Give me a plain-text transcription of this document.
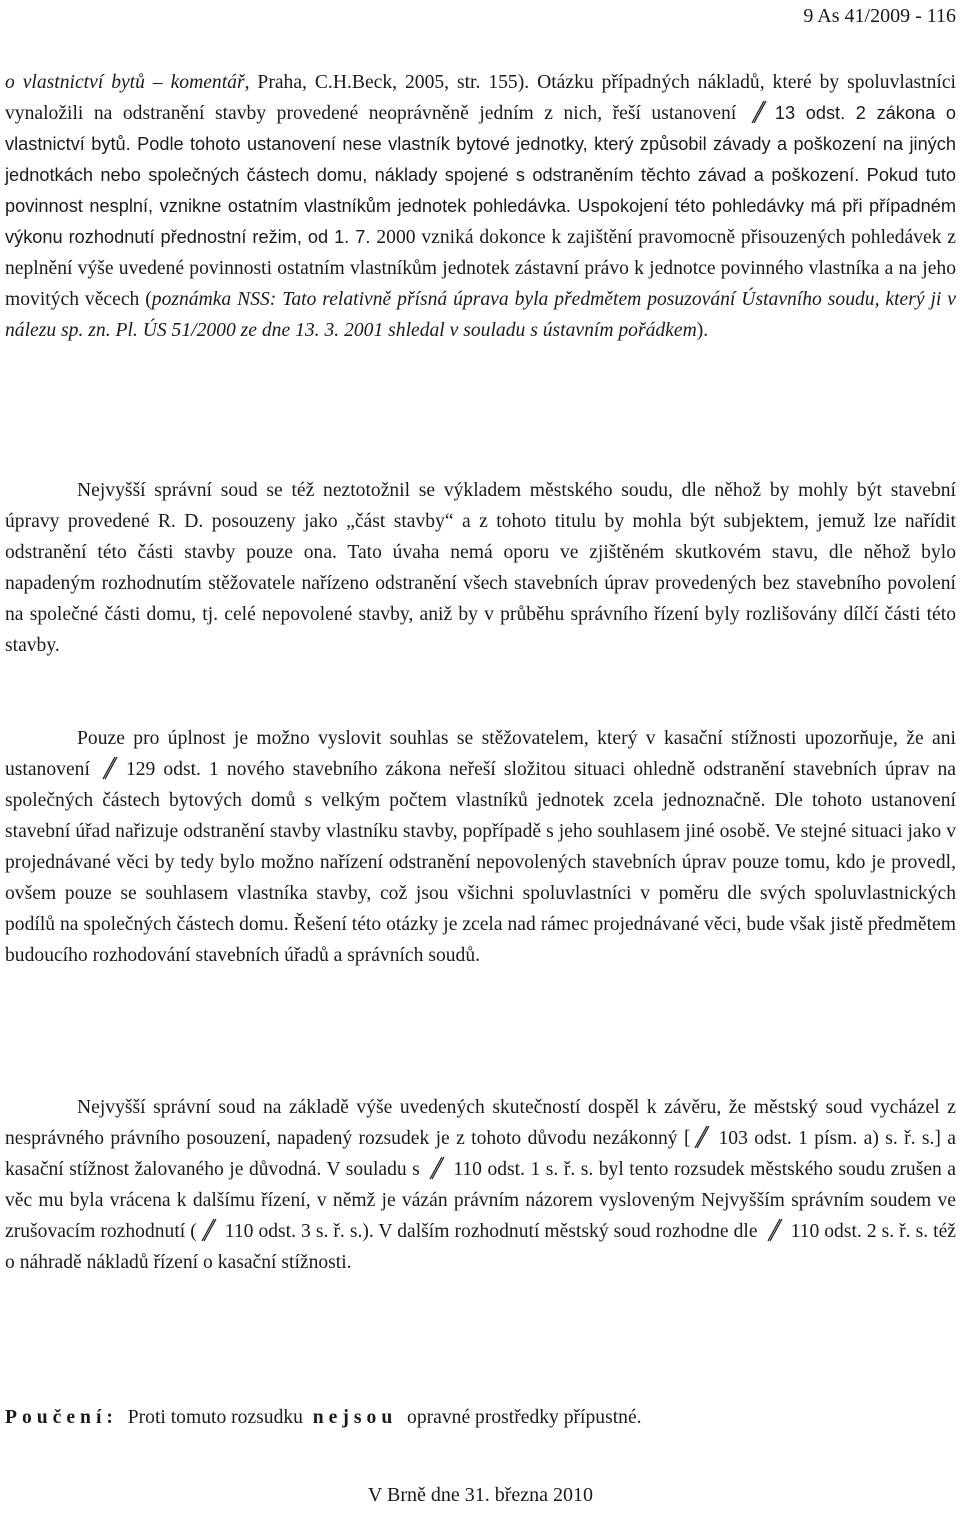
9 As 41/2009 - 116

o vlastnictví bytů – komentář, Praha, C.H.Beck, 2005, str. 155). Otázku případných nákladů, které by spoluvlastníci vynaložili na odstranění stavby provedené neoprávněně jedním z nich, řeší ustanovení 13 odst. 2 zákona o vlastnictví bytů. Podle tohoto ustanovení nese vlastník bytové jednotky, který způsobil závady a poškození na jiných jednotkách nebo společných částech domu, náklady spojené s odstraněním těchto závad a poškození. Pokud tuto povinnost nesplní, vznikne ostatním vlastníkům jednotek pohledávka. Uspokojení této pohledávky má při případném výkonu rozhodnutí přednostní režim, od 1. 7. 2000 vzniká dokonce k zajištění pravomocně přisouzených pohledávek z neplnění výše uvedené povinnosti ostatním vlastníkům jednotek zástavní právo k jednotce povinného vlastníka a na jeho movitých věcech (poznámka NSS: Tato relativně přísná úprava byla předmětem posuzování Ústavního soudu, který ji v nálezu sp. zn. Pl. ÚS 51/2000 ze dne 13. 3. 2001 shledal v souladu s ústavním pořádkem).

Nejvyšší správní soud se též neztotožnil se výkladem městského soudu, dle něhož by mohly být stavební úpravy provedené R. D. posouzeny jako „část stavby“ a z tohoto titulu by mohla být subjektem, jemuž lze nařídit odstranění této části stavby pouze ona. Tato úvaha nemá oporu ve zjištěném skutkovém stavu, dle něhož bylo napadeným rozhodnutím stěžovatele nařízeno odstranění všech stavebních úprav provedených bez stavebního povolení na společné části domu, tj. celé nepovolené stavby, aniž by v průběhu správního řízení byly rozlišovány dílčí části této stavby.

Pouze pro úplnost je možno vyslovit souhlas se stěžovatelem, který v kasační stížnosti upozorňuje, že ani ustanovení 129 odst. 1 nového stavebního zákona neřeší složitou situaci ohledně odstranění stavebních úprav na společných částech bytových domů s velkým počtem vlastníků jednotek zcela jednoznačně. Dle tohoto ustanovení stavební úřad nařizuje odstranění stavby vlastníku stavby, popřípadě s jeho souhlasem jiné osobě. Ve stejné situaci jako v projednávané věci by tedy bylo možno nařízení odstranění nepovolených stavebních úprav pouze tomu, kdo je provedl, ovšem pouze se souhlasem vlastníka stavby, což jsou všichni spoluvlastníci v poměru dle svých spoluvlastnických podílů na společných částech domu. Řešení této otázky je zcela nad rámec projednávané věci, bude však jistě předmětem budoucího rozhodování stavebních úřadů a správních soudů.

Nejvyšší správní soud na základě výše uvedených skutečností dospěl k závěru, že městský soud vycházel z nesprávného právního posouzení, napadený rozsudek je z tohoto důvodu nezákonný [ 103 odst. 1 písm. a) s. ř. s.] a kasační stížnost žalovaného je důvodná. V souladu s 110 odst. 1 s. ř. s. byl tento rozsudek městského soudu zrušen a věc mu byla vrácena k dalšímu řízení, v němž je vázán právním názorem vysloveným Nejvyšším správním soudem ve zrušovacím rozhodnutí ( 110 odst. 3 s. ř. s.). V dalším rozhodnutí městský soud rozhodne dle 110 odst. 2 s. ř. s. též o náhradě nákladů řízení o kasační stížnosti.

Poučení: Proti tomuto rozsudku nejsou opravné prostředky přípustné.

V Brně dne 31. března 2010
